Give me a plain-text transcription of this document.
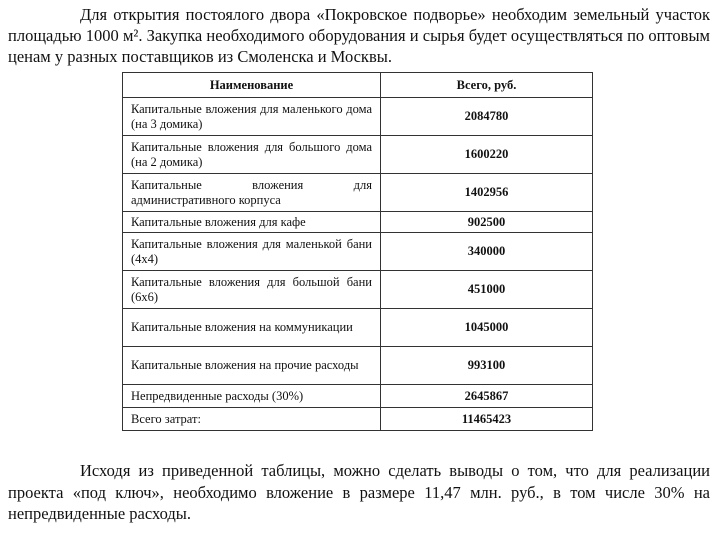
Для открытия постоялого двора «Покровское подворье» необходим земельный участок площадью 1000 м². Закупка необходимого оборудования и сырья будет осуществляться по оптовым ценам у разных поставщиков из Смоленска и Москвы.

Наименование	Всего, руб.
Капитальные вложения для маленького дома (на 3 домика)	2084780
Капитальные вложения для большого дома (на 2 домика)	1600220
Капитальные вложения для административного корпуса	1402956
Капитальные вложения для кафе	902500
Капитальные вложения для маленькой бани (4х4)	340000
Капитальные вложения для большой бани (6х6)	451000
Капитальные вложения на коммуникации	1045000
Капитальные вложения на прочие расходы	993100
Непредвиденные расходы (30%)	2645867
Всего затрат:	11465423

Исходя из приведенной таблицы, можно сделать выводы о том, что для реализации проекта «под ключ», необходимо вложение в размере 11,47 млн. руб., в том числе 30% на непредвиденные расходы.
